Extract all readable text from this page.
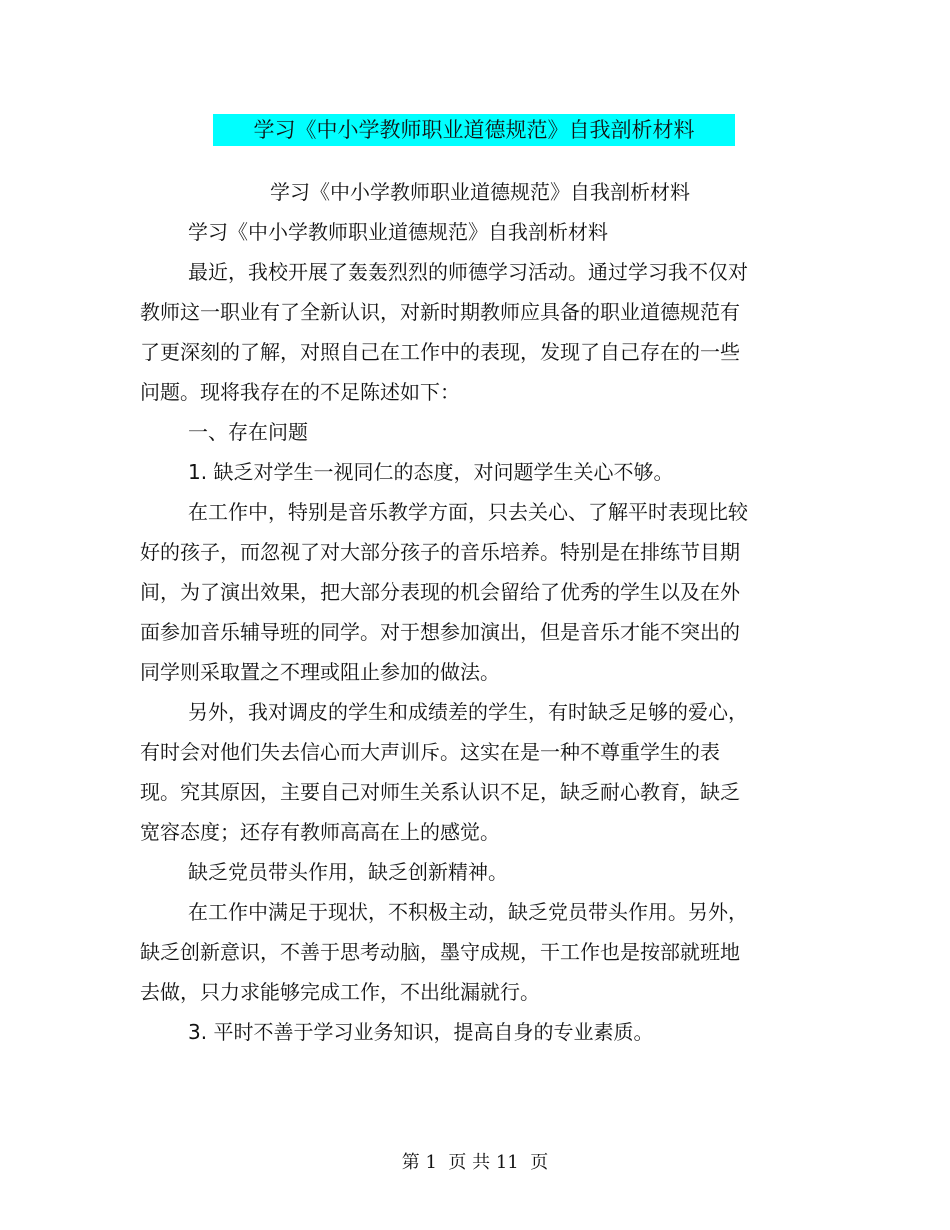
学习《中小学教师职业道德规范》自我剖析材料
学习《中小学教师职业道德规范》自我剖析材料
学习《中小学教师职业道德规范》自我剖析材料
最近，我校开展了轰轰烈烈的师德学习活动。通过学习我不仅对
教师这一职业有了全新认识，对新时期教师应具备的职业道德规范有
了更深刻的了解，对照自己在工作中的表现，发现了自己存在的一些
问题。现将我存在的不足陈述如下：
一、存在问题
1. 缺乏对学生一视同仁的态度，对问题学生关心不够。
在工作中，特别是音乐教学方面，只去关心、了解平时表现比较
好的孩子，而忽视了对大部分孩子的音乐培养。特别是在排练节目期
间，为了演出效果，把大部分表现的机会留给了优秀的学生以及在外
面参加音乐辅导班的同学。对于想参加演出，但是音乐才能不突出的
同学则采取置之不理或阻止参加的做法。
另外，我对调皮的学生和成绩差的学生，有时缺乏足够的爱心，
有时会对他们失去信心而大声训斥。这实在是一种不尊重学生的表
现。究其原因，主要自己对师生关系认识不足，缺乏耐心教育，缺乏
宽容态度；还存有教师高高在上的感觉。
缺乏党员带头作用，缺乏创新精神。
在工作中满足于现状，不积极主动，缺乏党员带头作用。另外，
缺乏创新意识，不善于思考动脑，墨守成规，干工作也是按部就班地
去做，只力求能够完成工作，不出纰漏就行。
3. 平时不善于学习业务知识，提高自身的专业素质。
第 1  页 共 11  页
